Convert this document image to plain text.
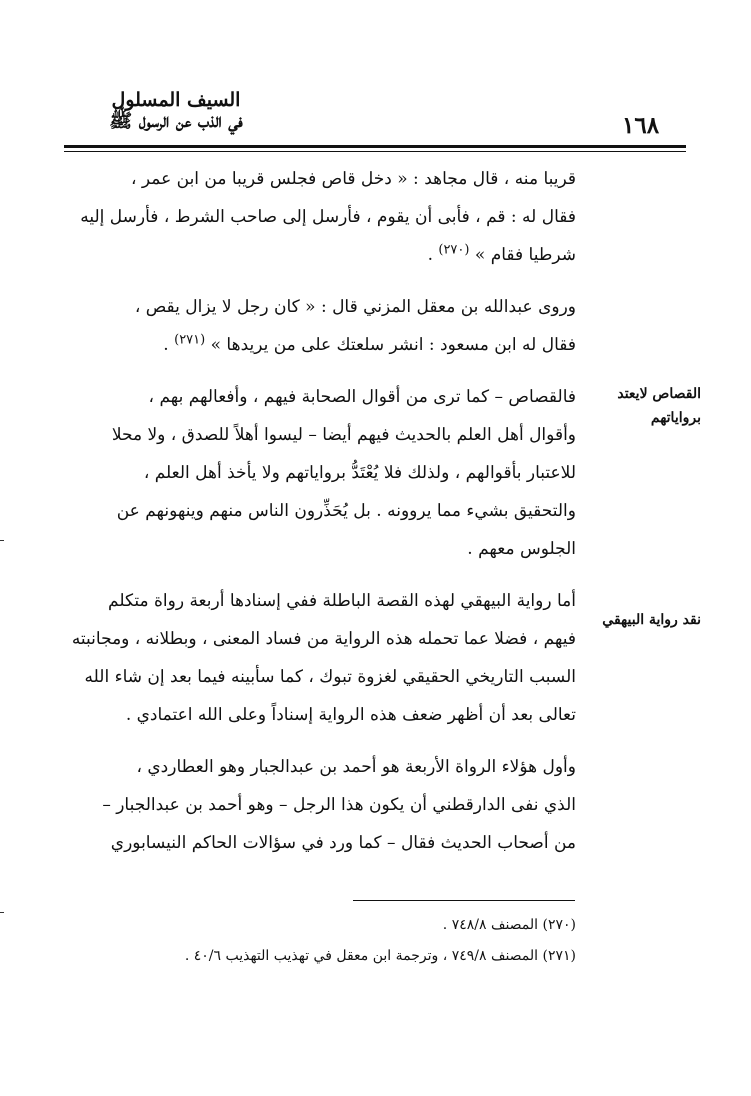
السيف المسلول
في الذب عن الرسول ﷺ	١٦٨
القصاص لايعتد برواياتهم
نقد رواية البيهقي

قريبا منه ، قال مجاهد : « دخل قاص فجلس قريبا من ابن عمر ،
فقال له : قم ، فأبى أن يقوم ، فأرسل إلى صاحب الشرط ، فأرسل إليه
شرطيا فقام » $^{(٢٧٠)}$ .

وروى عبدالله بن معقل المزني قال : « كان رجل لا يزال يقص ،
فقال له ابن مسعود : انشر سلعتك على من يريدها » $^{(٢٧١)}$ .

فالقصاص – كما ترى من أقوال الصحابة فيهم ، وأفعالهم بهم ،
وأقوال أهل العلم بالحديث فيهم أيضا – ليسوا أهلاً للصدق ، ولا محلا
للاعتبار بأقوالهم ، ولذلك فلا يُعْتَدُّ برواياتهم ولا يأخذ أهل العلم ،
والتحقيق بشيء مما يروونه . بل يُحَذِّرون الناس منهم وينهونهم عن
الجلوس معهم .

أما رواية البيهقي لهذه القصة الباطلة ففي إسنادها أربعة رواة متكلم
فيهم ، فضلا عما تحمله هذه الرواية من فساد المعنى ، وبطلانه ، ومجانبته
السبب التاريخي الحقيقي لغزوة تبوك ، كما سأبينه فيما بعد إن شاء الله
تعالى بعد أن أظهر ضعف هذه الرواية إسناداً وعلى الله اعتمادي .

وأول هؤلاء الرواة الأربعة هو أحمد بن عبدالجبار وهو العطاردي ،
الذي نفى الدارقطني أن يكون هذا الرجل – وهو أحمد بن عبدالجبار –
من أصحاب الحديث فقال – كما ورد في سؤالات الحاكم النيسابوري

(٢٧٠) المصنف ٧٤٨/٨ .
(٢٧١) المصنف ٧٤٩/٨ ، وترجمة ابن معقل في تهذيب التهذيب ٤٠/٦ .
